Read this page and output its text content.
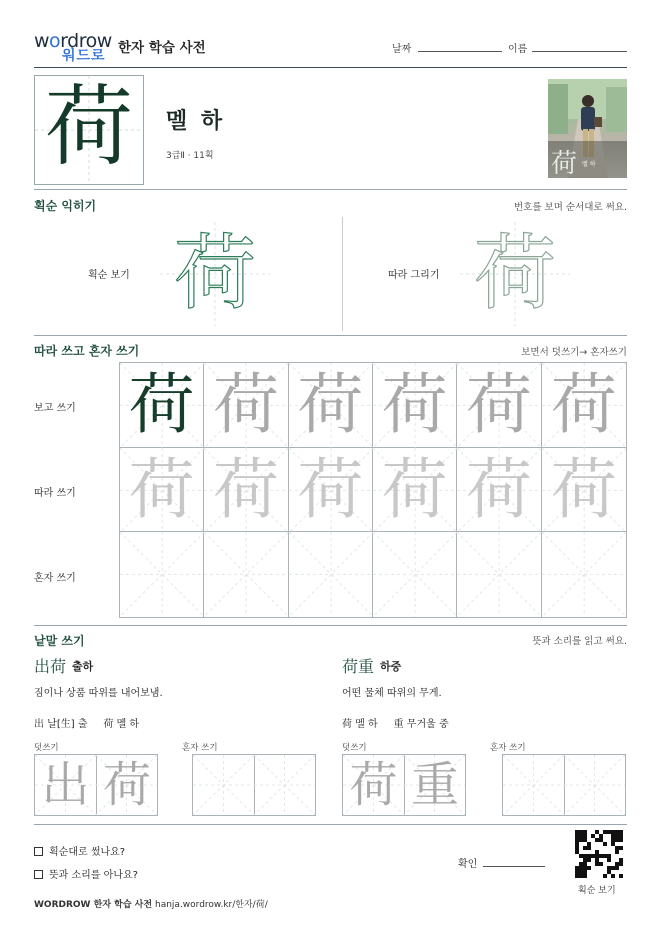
wordrow
워드로 한자 학습 사전	날짜	이름
荷	멜 하
3급Ⅱ · 11획	荷 멜 하
획순 익히기	번호를 보며 순서대로 써요.
획순 보기 荷	따라 그리기 荷
따라 쓰고 혼자 쓰기	보면서 덧쓰기→ 혼자쓰기
보고 쓰기
따라 쓰기
혼자 쓰기
荷 荷 荷 荷 荷 荷
荷 荷 荷 荷 荷 荷
낱말 쓰기	뜻과 소리를 읽고 써요.
出荷 출하
짐이나 상품 따위를 내어보냄.
出 날[生] 출 荷 멜 하
덧쓰기	혼자 쓰기
出 荷
荷重 하중
어떤 물체 따위의 무게.
荷 멜 하 重 무거울 중
덧쓰기	혼자 쓰기
荷 重
획순대로 썼나요?
뜻과 소리를 아나요?
확인
획순 보기
WORDROW 한자 학습 사전 hanja.wordrow.kr/한자/荷/
